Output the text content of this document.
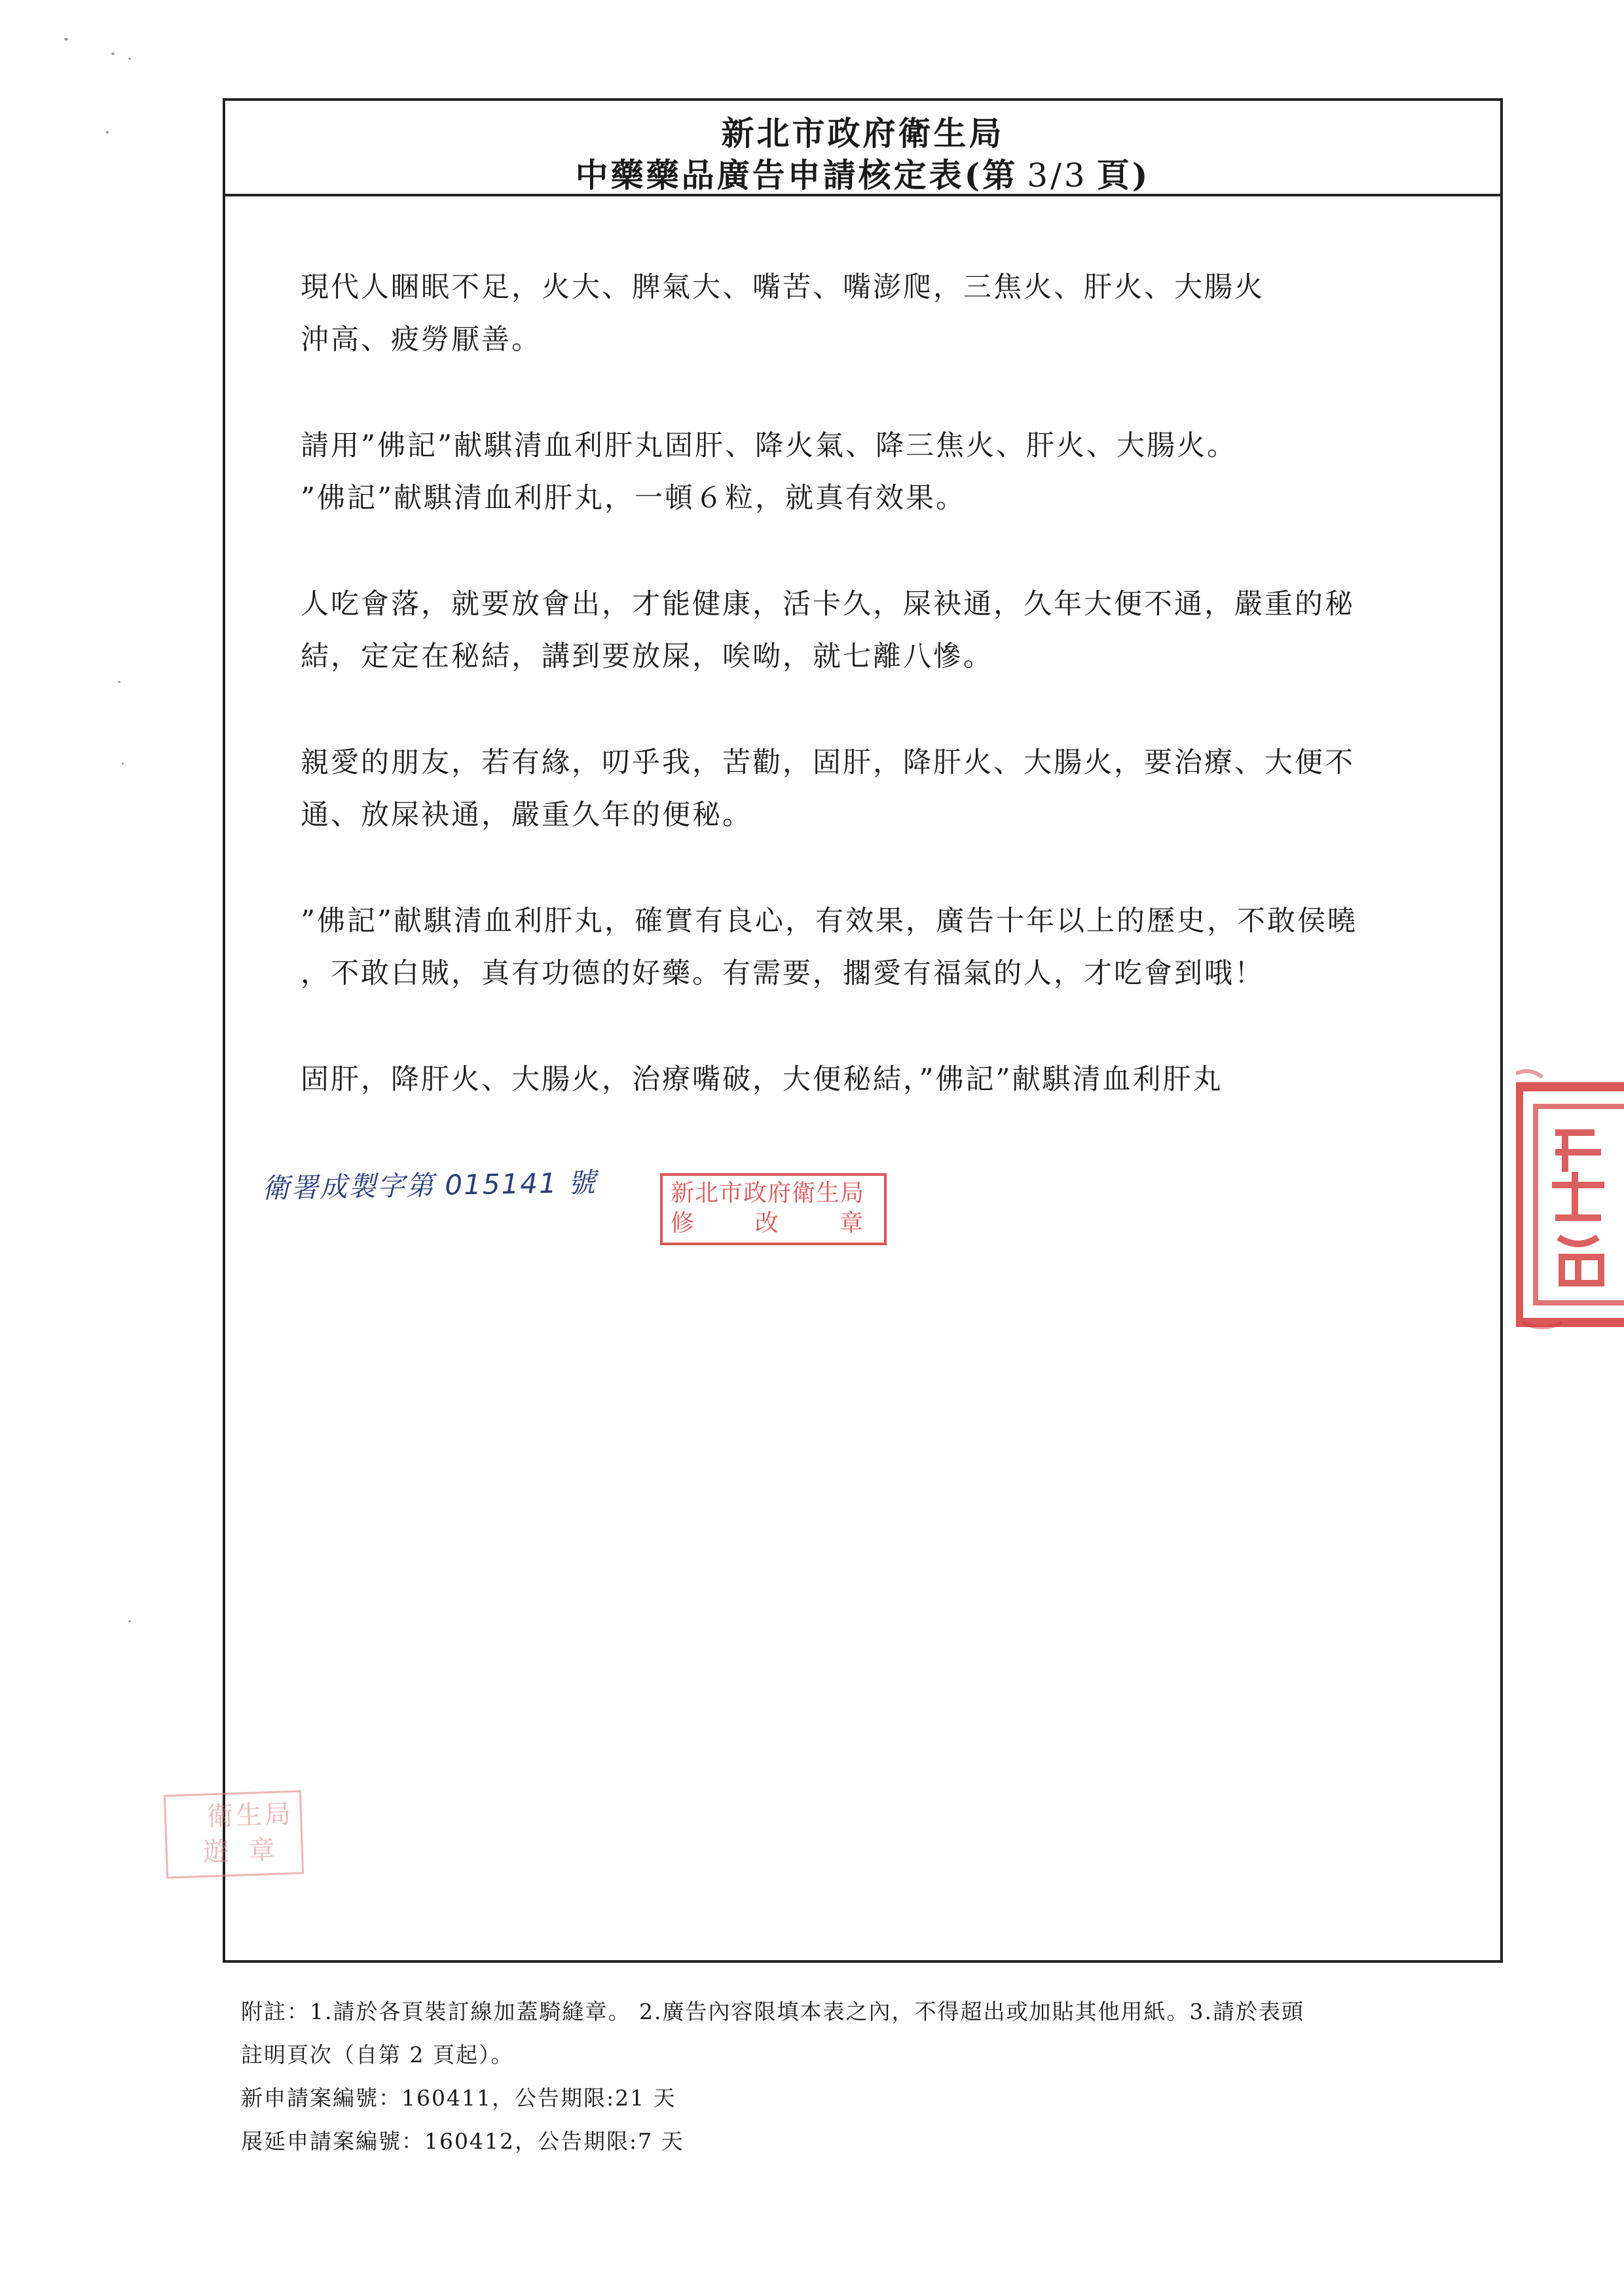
新北市政府衛生局
中藥藥品廣告申請核定表(第 3/3 頁)

現代人睏眠不足，火大、脾氣大、嘴苦、嘴澎爬，三焦火、肝火、大腸火
沖高、疲勞厭善。

請用”佛記”献騏清血利肝丸固肝、降火氣、降三焦火、肝火、大腸火。
”佛記”献騏清血利肝丸，一頓６粒，就真有效果。

人吃會落，就要放會出，才能健康，活卡久，屎袂通，久年大便不通，嚴重的秘
結，定定在秘結，講到要放屎，唉呦，就七離八慘。

親愛的朋友，若有緣，叨乎我，苦勸，固肝，降肝火、大腸火，要治療、大便不
通、放屎袂通，嚴重久年的便秘。

”佛記”献騏清血利肝丸，確實有良心，有效果，廣告十年以上的歷史，不敢侯曉
，不敢白賊，真有功德的好藥。有需要，擱愛有福氣的人，才吃會到哦！

固肝，降肝火、大腸火，治療嘴破，大便秘結，”佛記”献騏清血利肝丸

衛署成製字第 015141 號	新北市政府衛生局
修	改	章
衛生局
遊章
附註：1.請於各頁裝訂線加蓋騎縫章。 2.廣告內容限填本表之內，不得超出或加貼其他用紙。3.請於表頭
註明頁次（自第 2 頁起）。
新申請案編號：160411，公告期限:21 天
展延申請案編號：160412，公告期限:7 天
